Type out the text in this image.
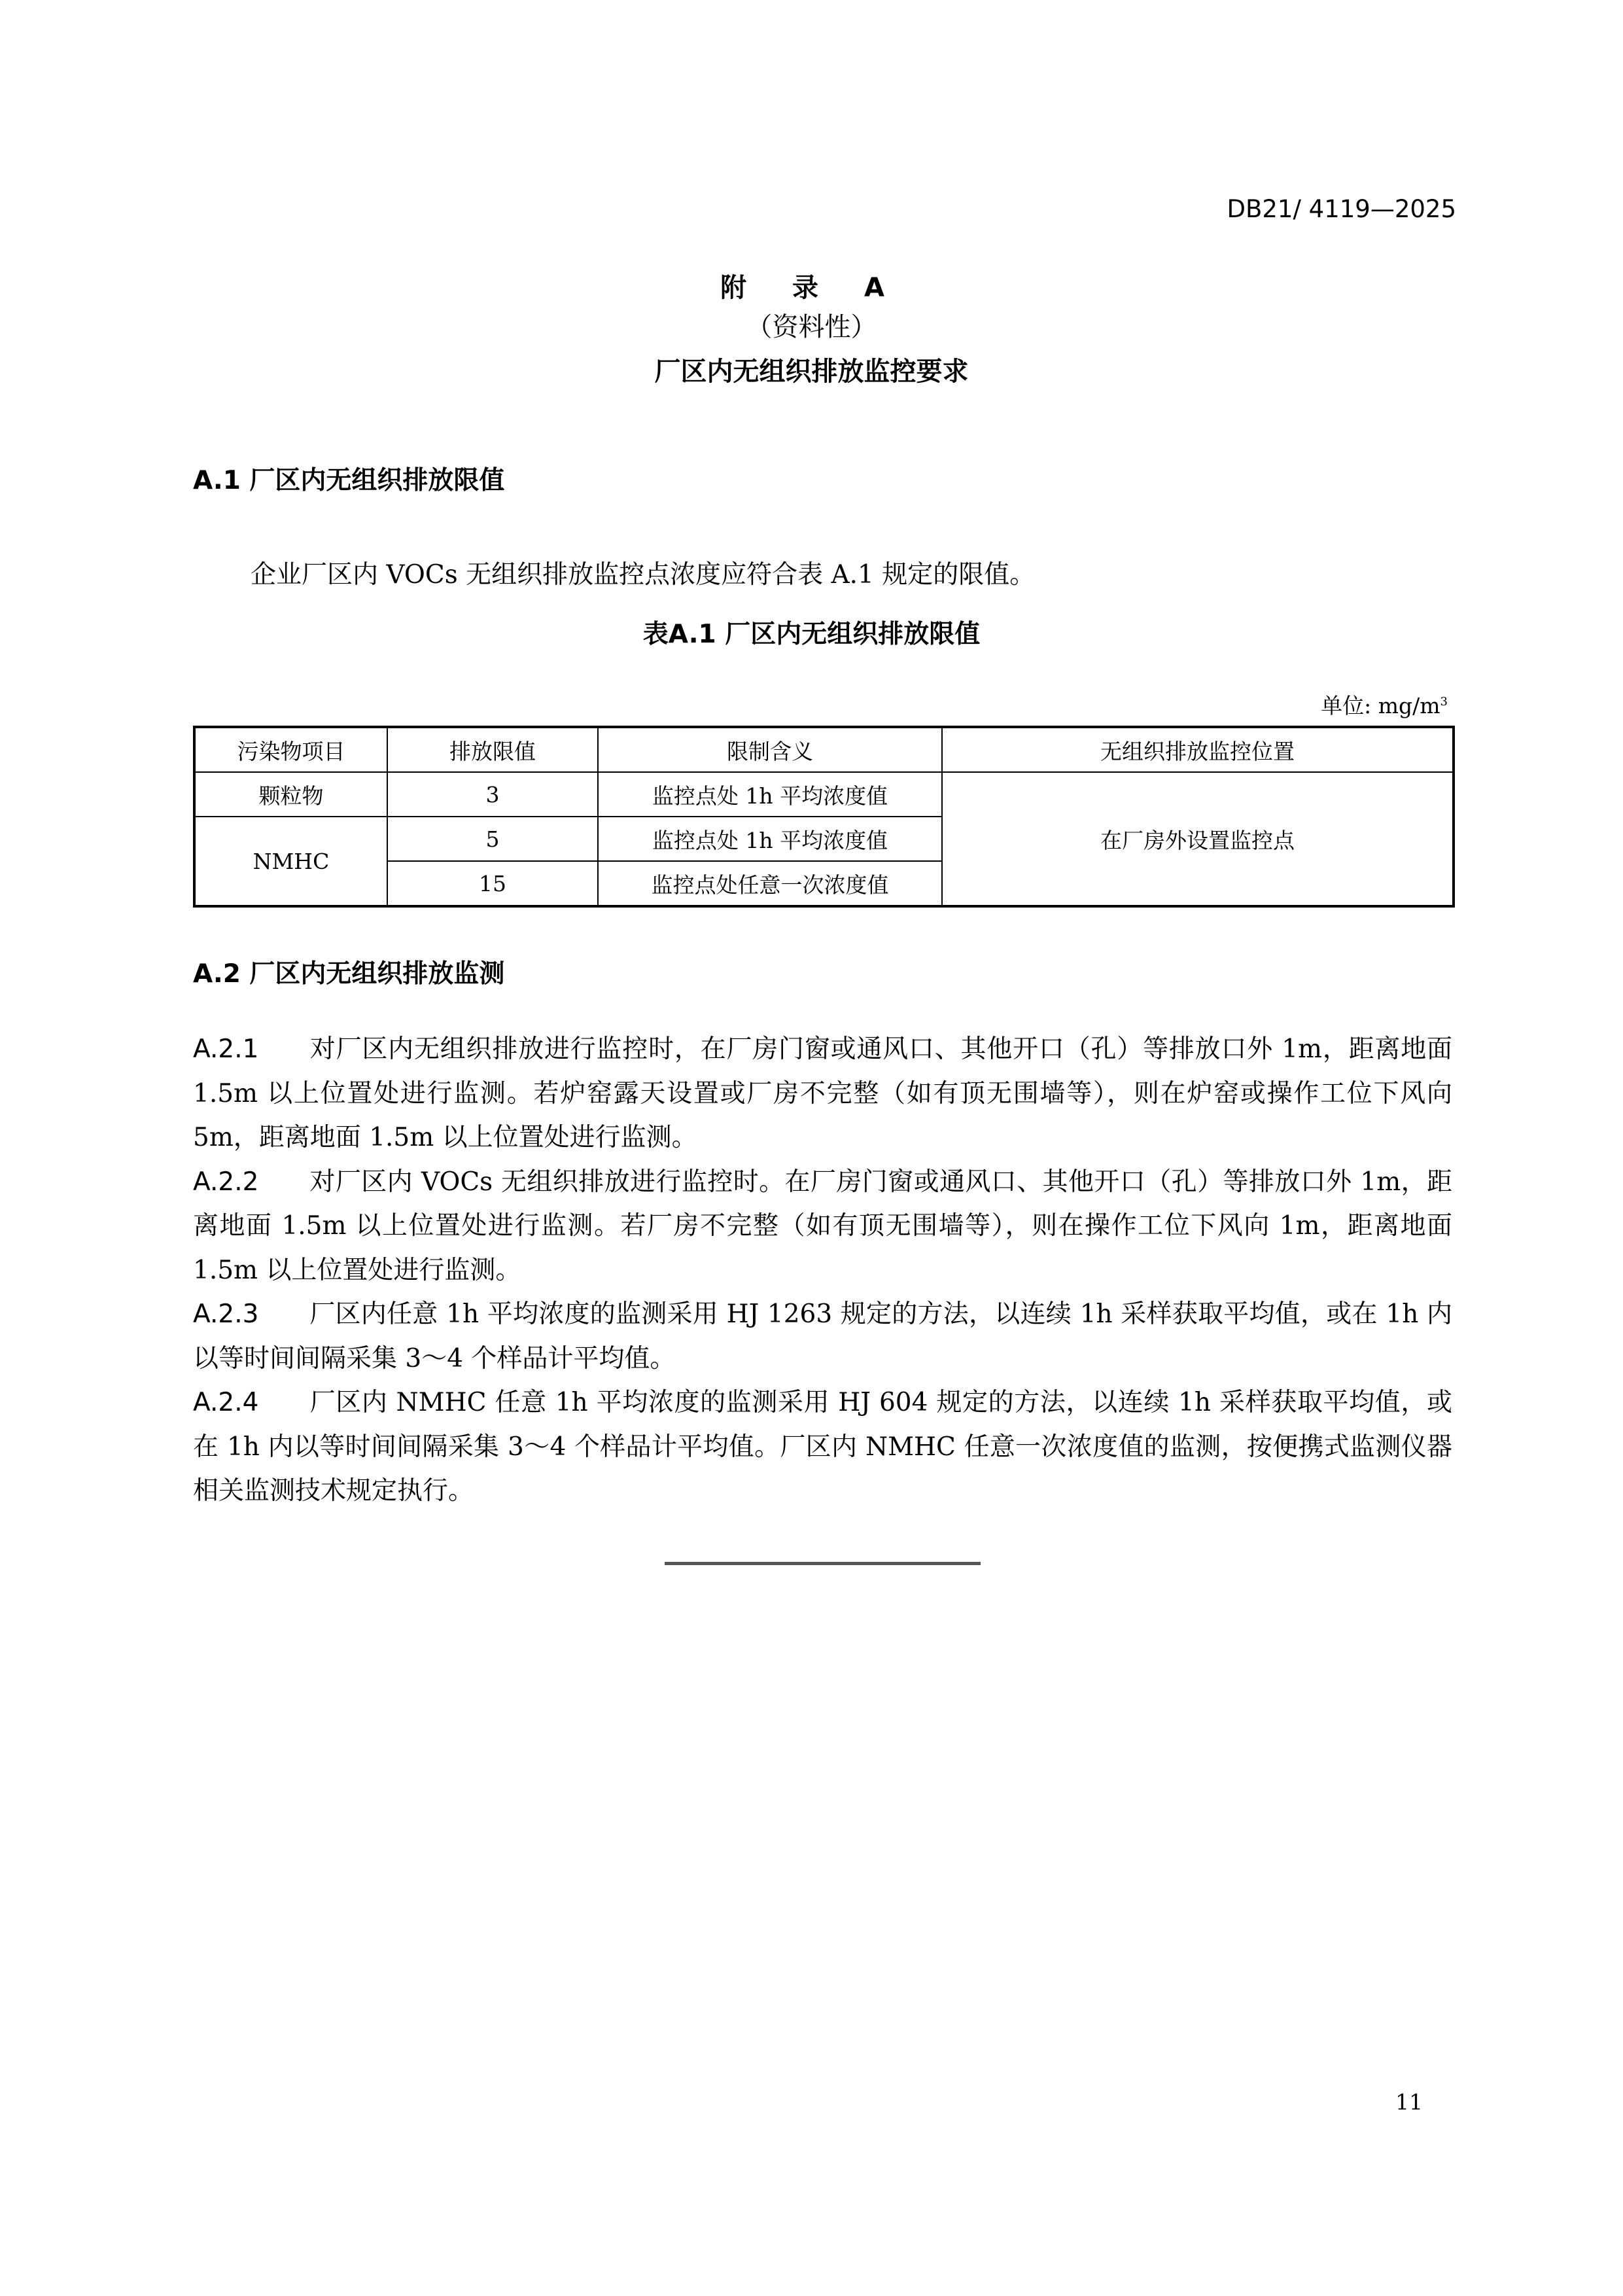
DB21/ 4119—2025
附 录 A
（资料性）
厂区内无组织排放监控要求
A.1 厂区内无组织排放限值
企业厂区内 VOCs 无组织排放监控点浓度应符合表 A.1 规定的限值。
表A.1 厂区内无组织排放限值
单位: $mg/m^3$
污染物项目	排放限值	限制含义	无组织排放监控位置
颗粒物	3	监控点处 1h 平均浓度值	在厂房外设置监控点
NMHC	5	监控点处 1h 平均浓度值	
	15	监控点处任意一次浓度值	
A.2 厂区内无组织排放监测

A.2.1 对厂区内无组织排放进行监控时，在厂房门窗或通风口、其他开口（孔）等排放口外 1m，距离地面 1.5m 以上位置处进行监测。若炉窑露天设置或厂房不完整（如有顶无围墙等），则在炉窑或操作工位下风向 5m，距离地面 1.5m 以上位置处进行监测。

A.2.2 对厂区内 VOCs 无组织排放进行监控时。在厂房门窗或通风口、其他开口（孔）等排放口外 1m，距离地面 1.5m 以上位置处进行监测。若厂房不完整（如有顶无围墙等），则在操作工位下风向 1m，距离地面 1.5m 以上位置处进行监测。

A.2.3 厂区内任意 1h 平均浓度的监测采用 HJ 1263 规定的方法，以连续 1h 采样获取平均值，或在 1h 内以等时间间隔采集 3～4 个样品计平均值。

A.2.4 厂区内 NMHC 任意 1h 平均浓度的监测采用 HJ 604 规定的方法，以连续 1h 采样获取平均值，或在 1h 内以等时间间隔采集 3～4 个样品计平均值。厂区内 NMHC 任意一次浓度值的监测，按便携式监测仪器相关监测技术规定执行。

11
